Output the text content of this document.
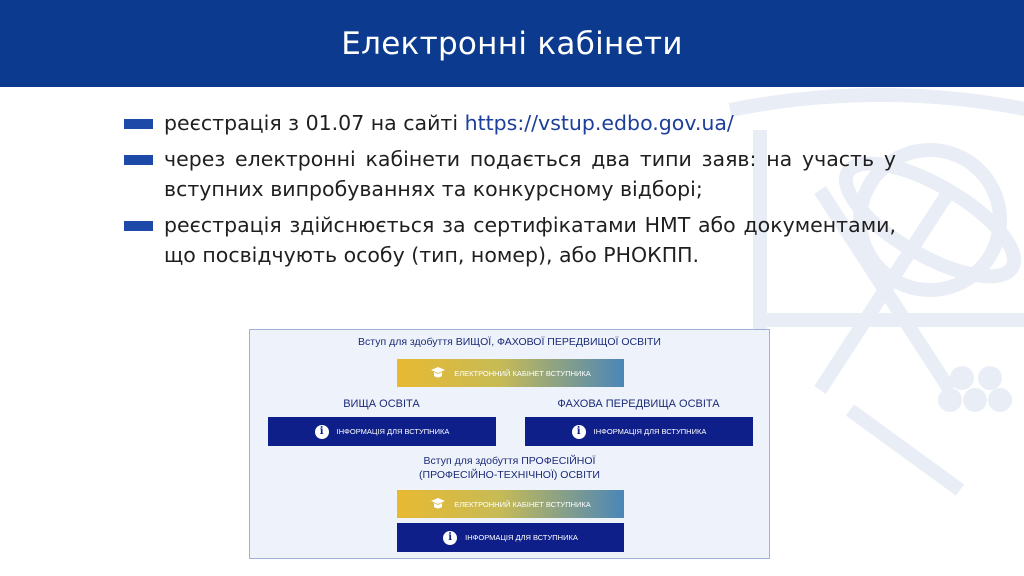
Електронні кабінети
реєстрація з 01.07 на сайті https://vstup.edbo.gov.ua/
через електронні кабінети подається два типи заяв: на участь у вступних випробуваннях та конкурсному відборі;
реєстрація здійснюється за сертифікатами НМТ або документами, що посвідчують особу (тип, номер), або РНОКПП.
Вступ для здобуття ВИЩОЇ, ФАХОВОЇ ПЕРЕДВИЩОЇ ОСВІТИ
ЕЛЕКТРОННИЙ КАБІНЕТ ВСТУПНИКА
ВИЩА ОСВІТА	ФАХОВА ПЕРЕДВИЩА ОСВІТА
i	ІНФОРМАЦІЯ ДЛЯ ВСТУПНИКА	i	ІНФОРМАЦІЯ ДЛЯ ВСТУПНИКА
Вступ для здобуття ПРОФЕСІЙНОЇ
(ПРОФЕСІЙНО-ТЕХНІЧНОЇ) ОСВІТИ
ЕЛЕКТРОННИЙ КАБІНЕТ ВСТУПНИКА
i	ІНФОРМАЦІЯ ДЛЯ ВСТУПНИКА
